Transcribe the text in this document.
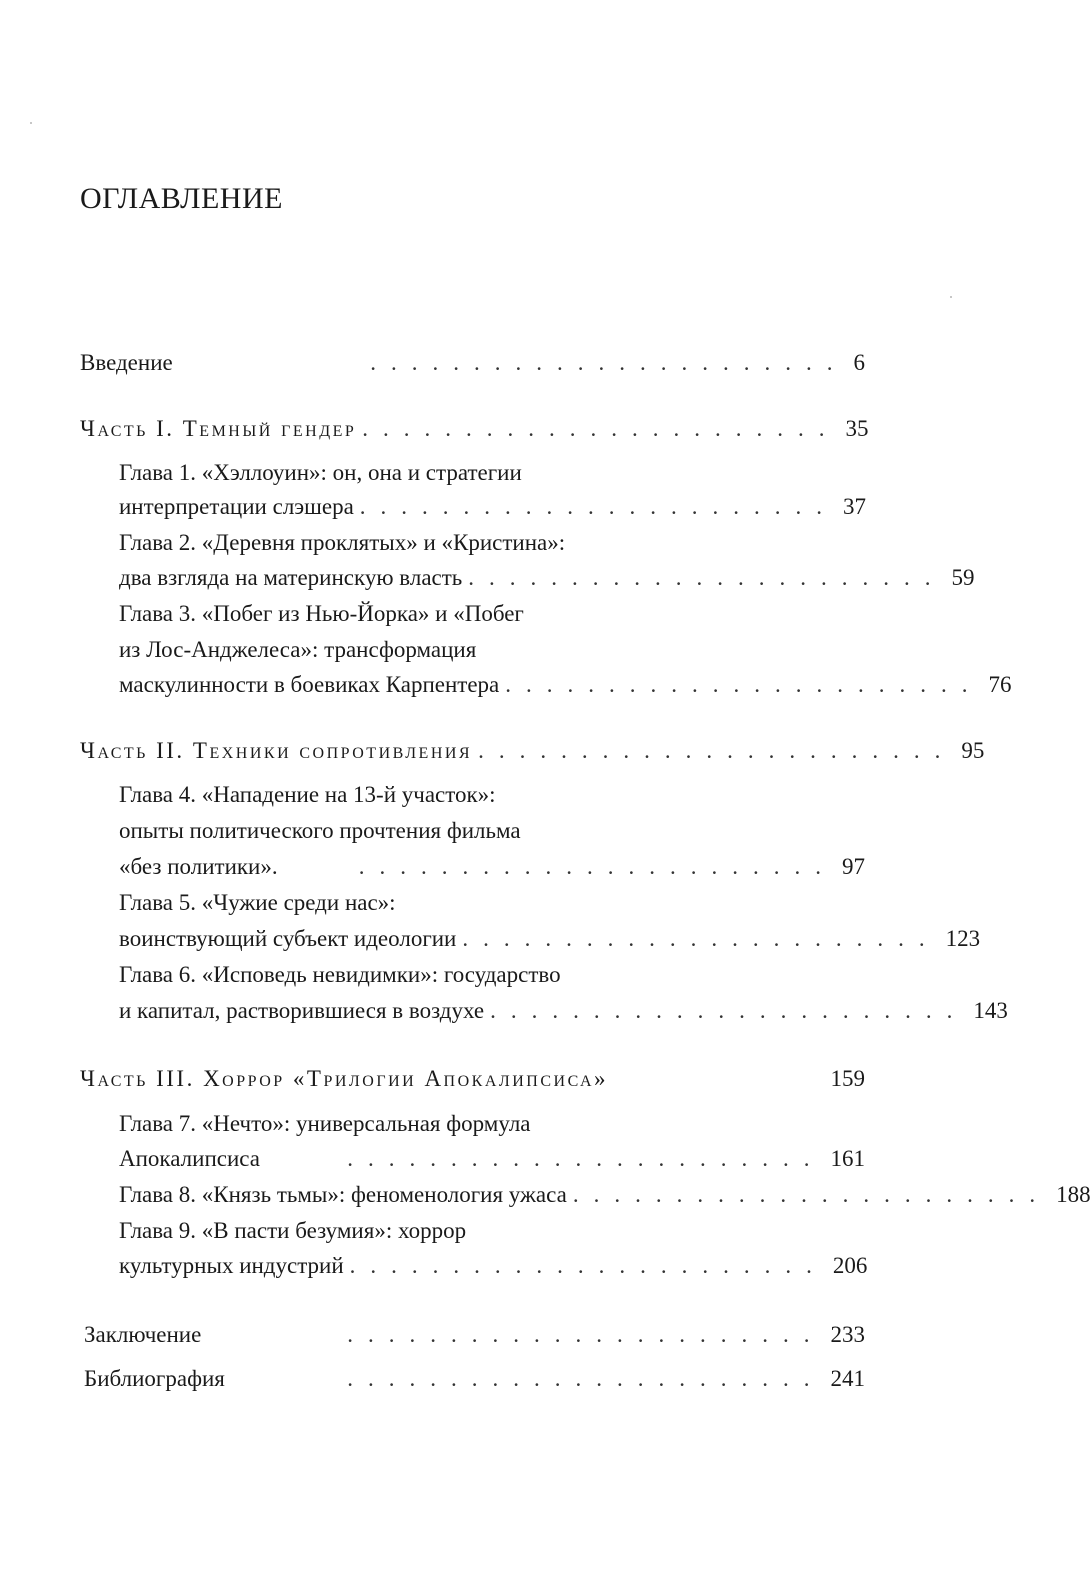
ОГЛАВЛЕНИЕ
Введение	....................... 6
Часть I. Темный гендер ....................... 35
Глава 1. «Хэллоуин»: он, она и стратегии
интерпретации слэшера ....................... 37
Глава 2. «Деревня проклятых» и «Кристина»:
два взгляда на материнскую власть ....................... 59
Глава 3. «Побег из Нью-Йорка» и «Побег
из Лос-Анджелеса»: трансформация
маскулинности в боевиках Карпентера ....................... 76
Часть II. Техники сопротивления ....................... 95
Глава 4. «Нападение на 13-й участок»:
опыты политического прочтения фильма
«без политики».	....................... 97
Глава 5. «Чужие среди нас»:
воинствующий субъект идеологии ....................... 123
Глава 6. «Исповедь невидимки»: государство
и капитал, растворившиеся в воздухе ....................... 143
Часть III. Хоррор «Трилогии Апокалипсиса»	159
Глава 7. «Нечто»: универсальная формула
Апокалипсиса	....................... 161
Глава 8. «Князь тьмы»: феноменология ужаса ....................... 188
Глава 9. «В пасти безумия»: хоррор
культурных индустрий ....................... 206
Заключение	....................... 233
Библиография	....................... 241
